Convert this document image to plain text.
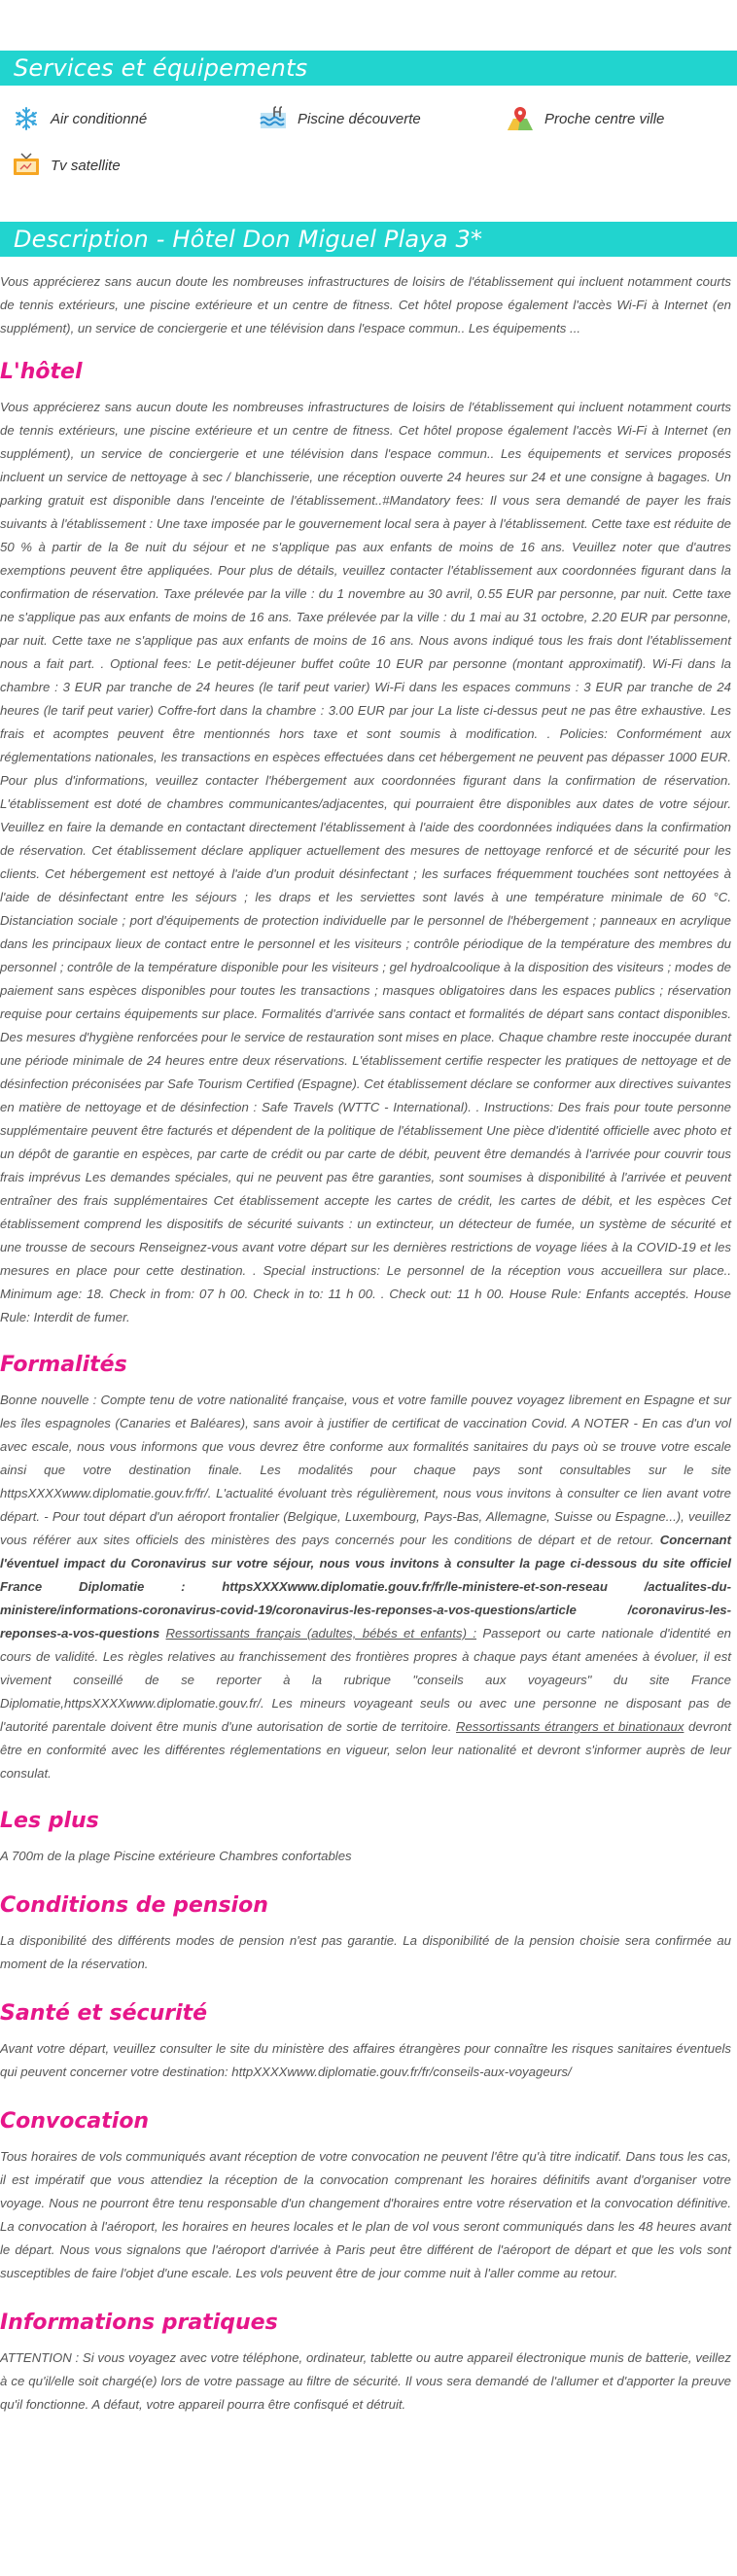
Services et équipements
Air conditionné	Piscine découverte	Proche centre ville
Tv satellite
Description - Hôtel Don Miguel Playa 3*

Vous apprécierez sans aucun doute les nombreuses infrastructures de loisirs de l'établissement qui incluent notamment courts de tennis extérieurs, une piscine extérieure et un centre de fitness. Cet hôtel propose également l'accès Wi-Fi à Internet (en supplément), un service de conciergerie et une télévision dans l'espace commun.. Les équipements ...

L'hôtel

Vous apprécierez sans aucun doute les nombreuses infrastructures de loisirs de l'établissement qui incluent notamment courts de tennis extérieurs, une piscine extérieure et un centre de fitness. Cet hôtel propose également l'accès Wi-Fi à Internet (en supplément), un service de conciergerie et une télévision dans l'espace commun.. Les équipements et services proposés incluent un service de nettoyage à sec / blanchisserie, une réception ouverte 24 heures sur 24 et une consigne à bagages. Un parking gratuit est disponible dans l'enceinte de l'établissement..#Mandatory fees: Il vous sera demandé de payer les frais suivants à l'établissement : Une taxe imposée par le gouvernement local sera à payer à l'établissement. Cette taxe est réduite de 50 % à partir de la 8e nuit du séjour et ne s'applique pas aux enfants de moins de 16 ans. Veuillez noter que d'autres exemptions peuvent être appliquées. Pour plus de détails, veuillez contacter l'établissement aux coordonnées figurant dans la confirmation de réservation. Taxe prélevée par la ville : du 1 novembre au 30 avril, 0.55 EUR par personne, par nuit. Cette taxe ne s'applique pas aux enfants de moins de 16 ans. Taxe prélevée par la ville : du 1 mai au 31 octobre, 2.20 EUR par personne, par nuit. Cette taxe ne s'applique pas aux enfants de moins de 16 ans. Nous avons indiqué tous les frais dont l'établissement nous a fait part. . Optional fees: Le petit-déjeuner buffet coûte 10 EUR par personne (montant approximatif). Wi-Fi dans la chambre : 3 EUR par tranche de 24 heures (le tarif peut varier) Wi-Fi dans les espaces communs : 3 EUR par tranche de 24 heures (le tarif peut varier) Coffre-fort dans la chambre : 3.00 EUR par jour La liste ci-dessus peut ne pas être exhaustive. Les frais et acomptes peuvent être mentionnés hors taxe et sont soumis à modification. . Policies: Conformément aux réglementations nationales, les transactions en espèces effectuées dans cet hébergement ne peuvent pas dépasser 1000 EUR. Pour plus d'informations, veuillez contacter l'hébergement aux coordonnées figurant dans la confirmation de réservation. L'établissement est doté de chambres communicantes/adjacentes, qui pourraient être disponibles aux dates de votre séjour. Veuillez en faire la demande en contactant directement l'établissement à l'aide des coordonnées indiquées dans la confirmation de réservation. Cet établissement déclare appliquer actuellement des mesures de nettoyage renforcé et de sécurité pour les clients. Cet hébergement est nettoyé à l'aide d'un produit désinfectant ; les surfaces fréquemment touchées sont nettoyées à l'aide de désinfectant entre les séjours ; les draps et les serviettes sont lavés à une température minimale de 60 °C. Distanciation sociale ; port d'équipements de protection individuelle par le personnel de l'hébergement ; panneaux en acrylique dans les principaux lieux de contact entre le personnel et les visiteurs ; contrôle périodique de la température des membres du personnel ; contrôle de la température disponible pour les visiteurs ; gel hydroalcoolique à la disposition des visiteurs ; modes de paiement sans espèces disponibles pour toutes les transactions ; masques obligatoires dans les espaces publics ; réservation requise pour certains équipements sur place. Formalités d'arrivée sans contact et formalités de départ sans contact disponibles. Des mesures d'hygiène renforcées pour le service de restauration sont mises en place. Chaque chambre reste inoccupée durant une période minimale de 24 heures entre deux réservations. L'établissement certifie respecter les pratiques de nettoyage et de désinfection préconisées par Safe Tourism Certified (Espagne). Cet établissement déclare se conformer aux directives suivantes en matière de nettoyage et de désinfection : Safe Travels (WTTC - International). . Instructions: Des frais pour toute personne supplémentaire peuvent être facturés et dépendent de la politique de l'établissement Une pièce d'identité officielle avec photo et un dépôt de garantie en espèces, par carte de crédit ou par carte de débit, peuvent être demandés à l'arrivée pour couvrir tous frais imprévus Les demandes spéciales, qui ne peuvent pas être garanties, sont soumises à disponibilité à l'arrivée et peuvent entraîner des frais supplémentaires Cet établissement accepte les cartes de crédit, les cartes de débit, et les espèces Cet établissement comprend les dispositifs de sécurité suivants : un extincteur, un détecteur de fumée, un système de sécurité et une trousse de secours Renseignez-vous avant votre départ sur les dernières restrictions de voyage liées à la COVID-19 et les mesures en place pour cette destination. . Special instructions: Le personnel de la réception vous accueillera sur place.. Minimum age: 18. Check in from: 07 h 00. Check in to: 11 h 00. . Check out: 11 h 00. House Rule: Enfants acceptés. House Rule: Interdit de fumer.

Formalités

Bonne nouvelle : Compte tenu de votre nationalité française, vous et votre famille pouvez voyagez librement en Espagne et sur les îles espagnoles (Canaries et Baléares), sans avoir à justifier de certificat de vaccination Covid. A NOTER - En cas d'un vol avec escale, nous vous informons que vous devrez être conforme aux formalités sanitaires du pays où se trouve votre escale ainsi que votre destination finale. Les modalités pour chaque pays sont consultables sur le site httpsXXXXwww.diplomatie.gouv.fr/fr/. L'actualité évoluant très régulièrement, nous vous invitons à consulter ce lien avant votre départ. - Pour tout départ d'un aéroport frontalier (Belgique, Luxembourg, Pays-Bas, Allemagne, Suisse ou Espagne...), veuillez vous référer aux sites officiels des ministères des pays concernés pour les conditions de départ et de retour. Concernant l'éventuel impact du Coronavirus sur votre séjour, nous vous invitons à consulter la page ci-dessous du site officiel France Diplomatie : httpsXXXXwww.diplomatie.gouv.fr/fr/le-ministere-et-son-reseau /actualites-du-ministere/informations-coronavirus-covid-19/coronavirus-les-reponses-a-vos-questions/article /coronavirus-les-reponses-a-vos-questions Ressortissants français (adultes, bébés et enfants) : Passeport ou carte nationale d'identité en cours de validité. Les règles relatives au franchissement des frontières propres à chaque pays étant amenées à évoluer, il est vivement conseillé de se reporter à la rubrique "conseils aux voyageurs" du site France Diplomatie,httpsXXXXwww.diplomatie.gouv.fr/. Les mineurs voyageant seuls ou avec une personne ne disposant pas de l'autorité parentale doivent être munis d'une autorisation de sortie de territoire. Ressortissants étrangers et binationaux devront être en conformité avec les différentes réglementations en vigueur, selon leur nationalité et devront s'informer auprès de leur consulat.

Les plus

A 700m de la plage Piscine extérieure Chambres confortables

Conditions de pension

La disponibilité des différents modes de pension n'est pas garantie. La disponibilité de la pension choisie sera confirmée au moment de la réservation.

Santé et sécurité

Avant votre départ, veuillez consulter le site du ministère des affaires étrangères pour connaître les risques sanitaires éventuels qui peuvent concerner votre destination: httpXXXXwww.diplomatie.gouv.fr/fr/conseils-aux-voyageurs/

Convocation

Tous horaires de vols communiqués avant réception de votre convocation ne peuvent l'être qu'à titre indicatif. Dans tous les cas, il est impératif que vous attendiez la réception de la convocation comprenant les horaires définitifs avant d'organiser votre voyage. Nous ne pourront être tenu responsable d'un changement d'horaires entre votre réservation et la convocation définitive. La convocation à l'aéroport, les horaires en heures locales et le plan de vol vous seront communiqués dans les 48 heures avant le départ. Nous vous signalons que l'aéroport d'arrivée à Paris peut être différent de l'aéroport de départ et que les vols sont susceptibles de faire l'objet d'une escale. Les vols peuvent être de jour comme nuit à l'aller comme au retour.

Informations pratiques

ATTENTION : Si vous voyagez avec votre téléphone, ordinateur, tablette ou autre appareil électronique munis de batterie, veillez à ce qu'il/elle soit chargé(e) lors de votre passage au filtre de sécurité. Il vous sera demandé de l'allumer et d'apporter la preuve qu'il fonctionne. A défaut, votre appareil pourra être confisqué et détruit.
